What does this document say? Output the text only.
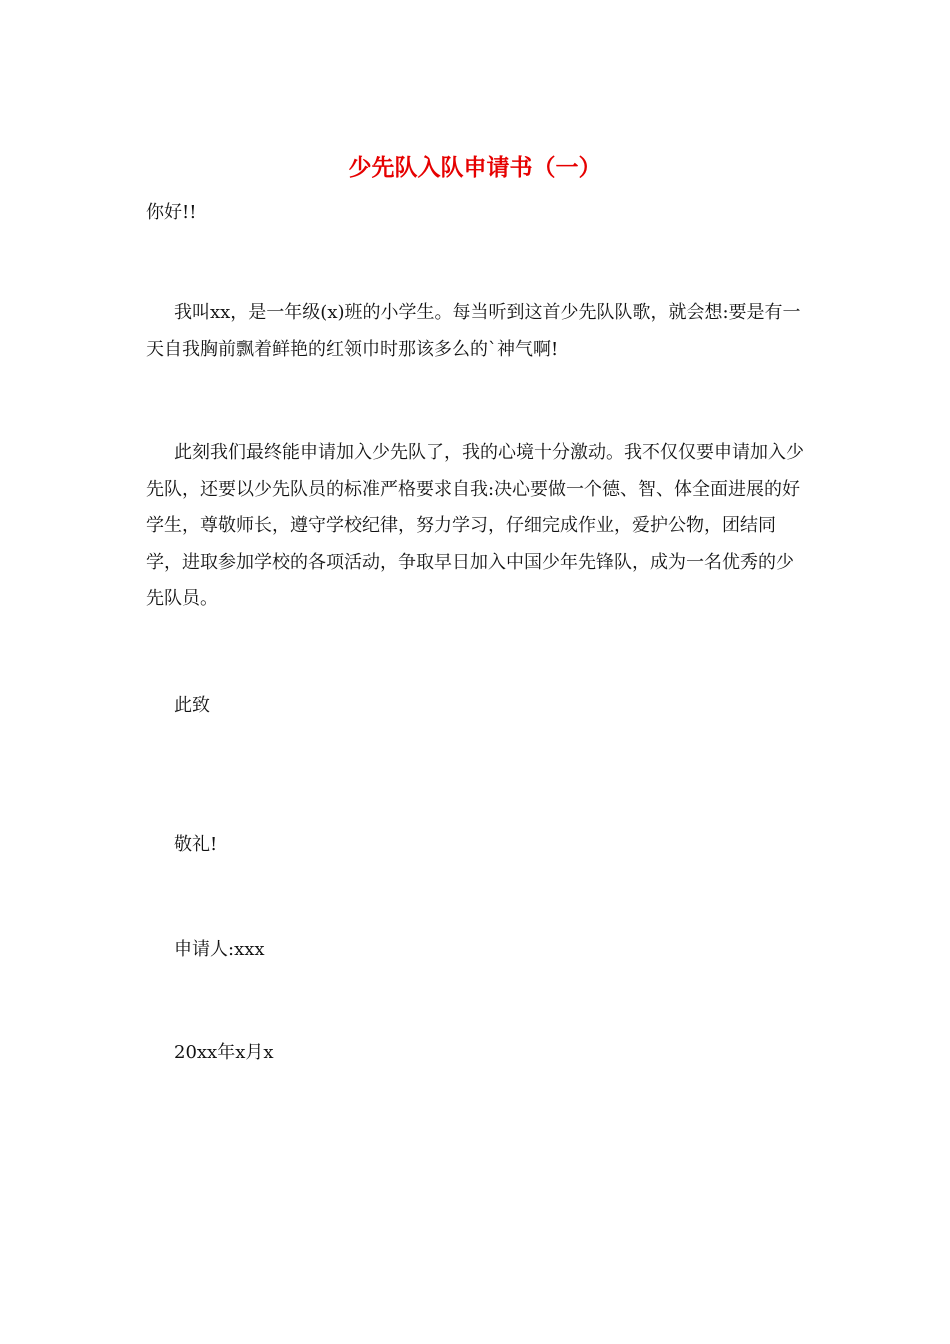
少先队入队申请书（一）

你好!!

我叫xx，是一年级(x)班的小学生。每当听到这首少先队队歌，就会想:要是有一天自我胸前飘着鲜艳的红领巾时那该多么的`神气啊!

此刻我们最终能申请加入少先队了，我的心境十分激动。我不仅仅要申请加入少先队，还要以少先队员的标准严格要求自我:决心要做一个德、智、体全面进展的好学生，尊敬师长，遵守学校纪律，努力学习，仔细完成作业，爱护公物，团结同学，进取参加学校的各项活动，争取早日加入中国少年先锋队，成为一名优秀的少先队员。

此致

敬礼!

申请人:xxx

20xx年x月x
